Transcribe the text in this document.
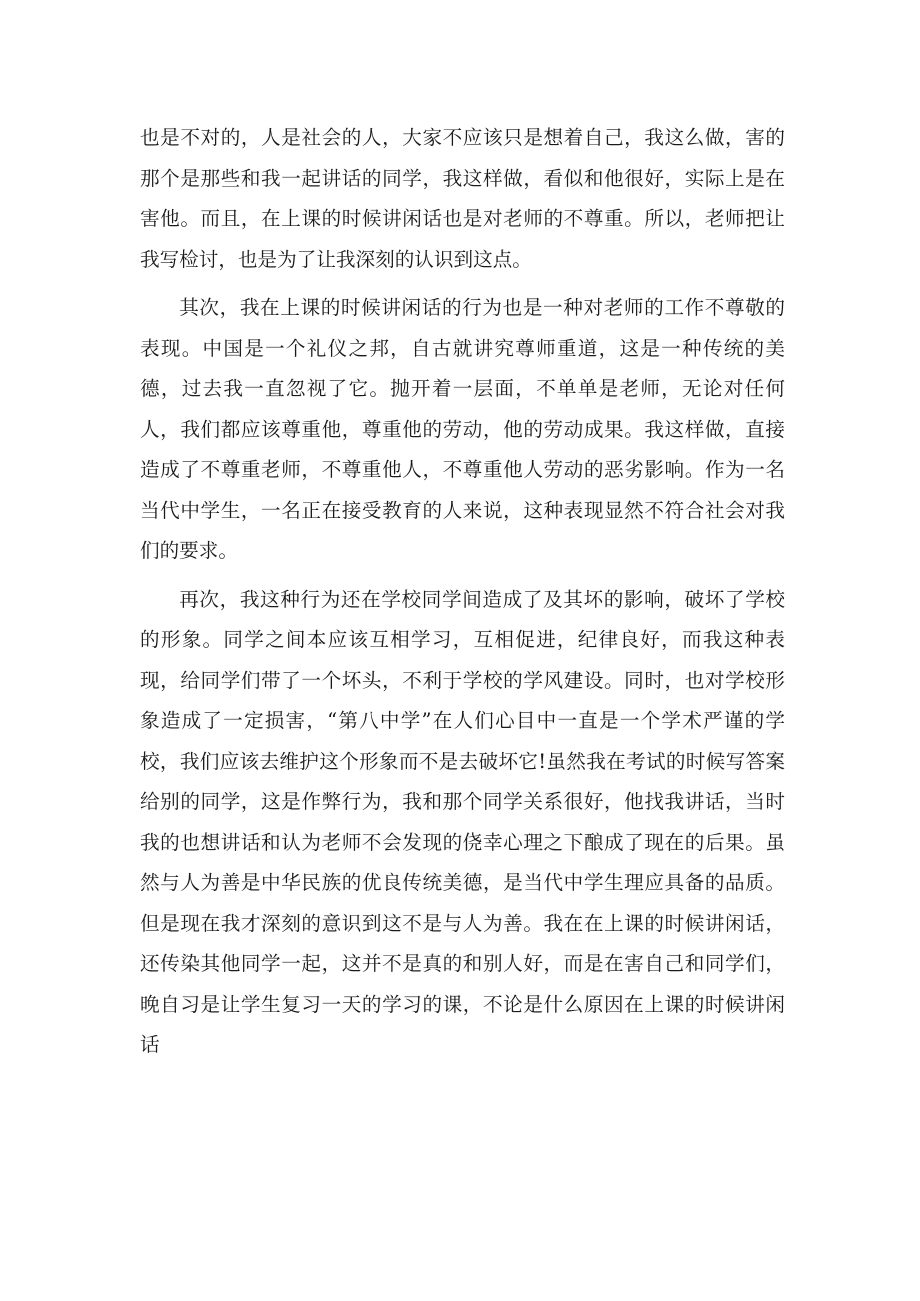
也是不对的，人是社会的人，大家不应该只是想着自己，我这么做，害的那个是那些和我一起讲话的同学，我这样做，看似和他很好，实际上是在害他。而且，在上课的时候讲闲话也是对老师的不尊重。所以，老师把让我写检讨，也是为了让我深刻的认识到这点。

其次，我在上课的时候讲闲话的行为也是一种对老师的工作不尊敬的表现。中国是一个礼仪之邦，自古就讲究尊师重道，这是一种传统的美德，过去我一直忽视了它。抛开着一层面，不单单是老师，无论对任何人，我们都应该尊重他，尊重他的劳动，他的劳动成果。我这样做，直接造成了不尊重老师，不尊重他人，不尊重他人劳动的恶劣影响。作为一名当代中学生，一名正在接受教育的人来说，这种表现显然不符合社会对我们的要求。

再次，我这种行为还在学校同学间造成了及其坏的影响，破坏了学校的形象。同学之间本应该互相学习，互相促进，纪律良好，而我这种表现，给同学们带了一个坏头，不利于学校的学风建设。同时，也对学校形象造成了一定损害，“第八中学”在人们心目中一直是一个学术严谨的学校，我们应该去维护这个形象而不是去破坏它!虽然我在考试的时候写答案给别的同学，这是作弊行为，我和那个同学关系很好，他找我讲话，当时我的也想讲话和认为老师不会发现的侥幸心理之下酿成了现在的后果。虽然与人为善是中华民族的优良传统美德，是当代中学生理应具备的品质。但是现在我才深刻的意识到这不是与人为善。我在在上课的时候讲闲话，还传染其他同学一起，这并不是真的和别人好，而是在害自己和同学们，晚自习是让学生复习一天的学习的课，不论是什么原因在上课的时候讲闲话
